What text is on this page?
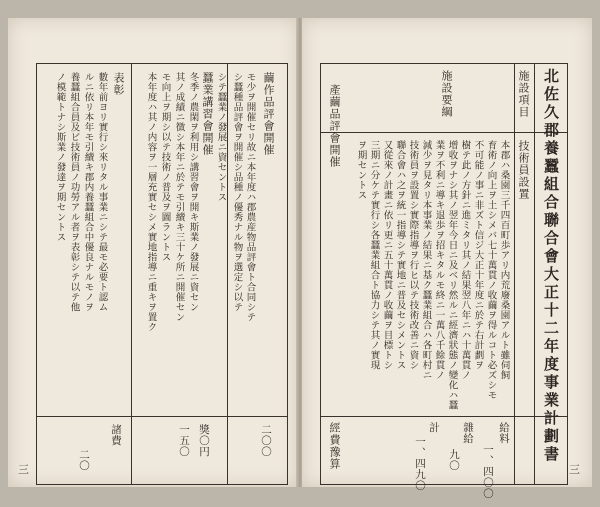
繭作品評會開催
モ少ヲ開催セリ故ニ本年度ハ郡農産物品評會ト合同シテ
シ蠶種品評會ヲ開催シ品種ノ優秀ナル物ヲ選定シ以テ
シテ蠶業ノ發展ニ資セントス
二〇〇
蠶業講習會開催
冬季ノ農閑ヲ利用シ講習會ヲ開キ斯業ノ發展ニ資セン
其ノ成績ニ徴シ本年ニ於テモ引續キ三十ケ所ニ開催セン
モ向上ヲ期シ以テ技術ノ普及ヲ圖ラントス
本年度ハ其ノ内容ヲ一層充實セシメ實地指導ニ重キヲ置ク
獎〇円
一五〇
表彰
數年前ヨリ實行シ來リタル事業ニシテ最モ必要ト認ム
ルニ依リ本年モ引續キ郡内養蠶組合中優良ナルモノヲ
養蠶組合員及ビ技術員ノ功勞アル者ヲ表彰シテ以テ他
ノ模範トナシ斯業ノ發達ヲ期セントス
諸費
二〇
三
北佐久郡養蠶組合聯合會大正十二年度事業計劃書
施設項目
施設要綱
經費豫算
技術員設置
本郡ハ桑園三千四百町歩アリ内荒廢桑園アルト雖伺飼
育術ノ向上ヲ土シメバ七十萬貫ノ收繭ヲ得ルコト必ズシモ
不可能ノ事ニ非ズト信ジ大正十年度ニ於テ右計劃ヲ
樹テ此ノ方針ニ進ミタリ其ノ結果翌八年ニハ十萬貫ノ
增收ヲナシ其ノ翌年今日ニ及ベリ然ルニ經濟狀態ノ變化ハ蠶
業ヲ不利ニ導キ退歩ヲ招キタルモ終ニ一萬八千餘貫ノ
減少ヲ見タリ本事業ノ結果ニ基ク蠶業組合ハ各町村ニ
技術員ヲ設置シ實際指導ヲ行ヒ以テ技術改善ニ資シ
聯合會ハ之ヲ統一指導シテ實地ニ普及セシメントス
又從來ノ計畫ニ依リ更ニ五十萬貫ノ收繭ヲ目標トシ
三期ニ分ケテ實行シ各蠶業組合ト協力シテ其ノ實現
ヲ期セントス
給料
一、四〇〇
雜給
九〇
計
一、四九〇
產繭品評會開催
三
